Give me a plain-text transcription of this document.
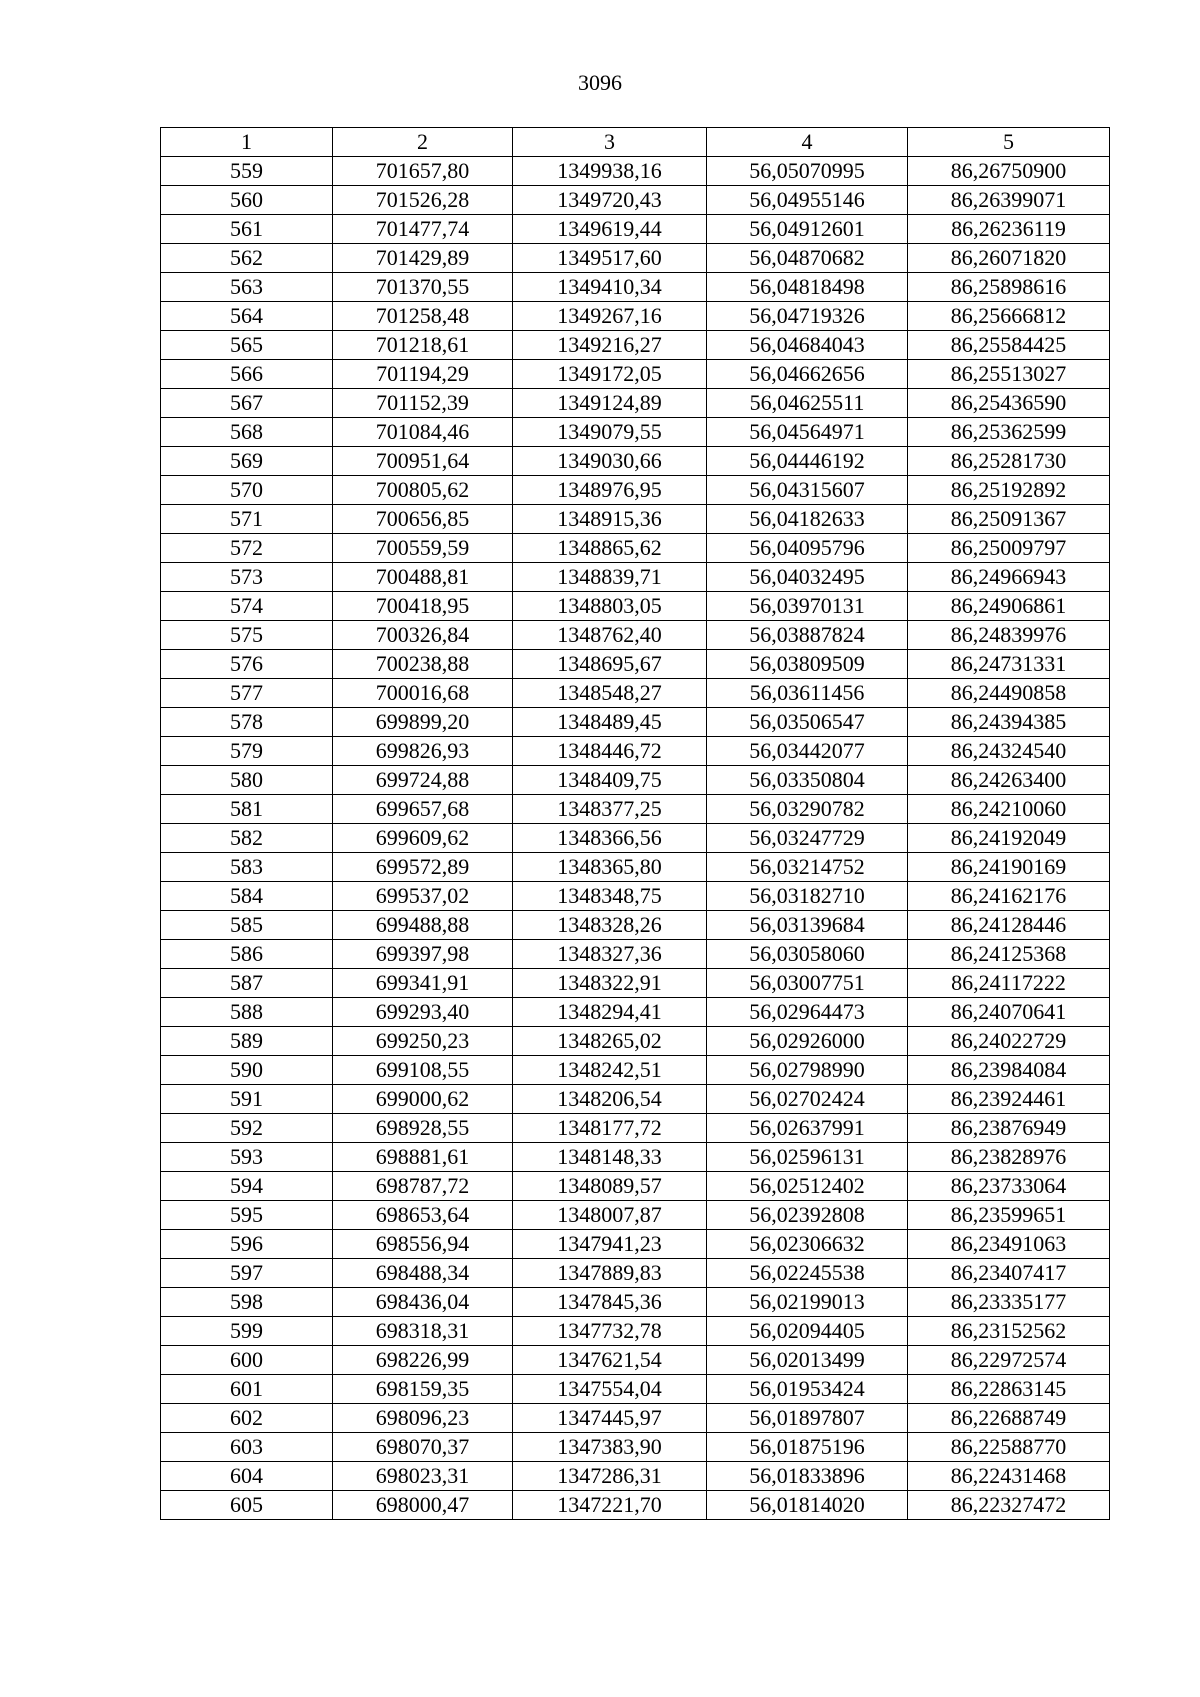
3096
1	2	3	4	5
559	701657,80	1349938,16	56,05070995	86,26750900
560	701526,28	1349720,43	56,04955146	86,26399071
561	701477,74	1349619,44	56,04912601	86,26236119
562	701429,89	1349517,60	56,04870682	86,26071820
563	701370,55	1349410,34	56,04818498	86,25898616
564	701258,48	1349267,16	56,04719326	86,25666812
565	701218,61	1349216,27	56,04684043	86,25584425
566	701194,29	1349172,05	56,04662656	86,25513027
567	701152,39	1349124,89	56,04625511	86,25436590
568	701084,46	1349079,55	56,04564971	86,25362599
569	700951,64	1349030,66	56,04446192	86,25281730
570	700805,62	1348976,95	56,04315607	86,25192892
571	700656,85	1348915,36	56,04182633	86,25091367
572	700559,59	1348865,62	56,04095796	86,25009797
573	700488,81	1348839,71	56,04032495	86,24966943
574	700418,95	1348803,05	56,03970131	86,24906861
575	700326,84	1348762,40	56,03887824	86,24839976
576	700238,88	1348695,67	56,03809509	86,24731331
577	700016,68	1348548,27	56,03611456	86,24490858
578	699899,20	1348489,45	56,03506547	86,24394385
579	699826,93	1348446,72	56,03442077	86,24324540
580	699724,88	1348409,75	56,03350804	86,24263400
581	699657,68	1348377,25	56,03290782	86,24210060
582	699609,62	1348366,56	56,03247729	86,24192049
583	699572,89	1348365,80	56,03214752	86,24190169
584	699537,02	1348348,75	56,03182710	86,24162176
585	699488,88	1348328,26	56,03139684	86,24128446
586	699397,98	1348327,36	56,03058060	86,24125368
587	699341,91	1348322,91	56,03007751	86,24117222
588	699293,40	1348294,41	56,02964473	86,24070641
589	699250,23	1348265,02	56,02926000	86,24022729
590	699108,55	1348242,51	56,02798990	86,23984084
591	699000,62	1348206,54	56,02702424	86,23924461
592	698928,55	1348177,72	56,02637991	86,23876949
593	698881,61	1348148,33	56,02596131	86,23828976
594	698787,72	1348089,57	56,02512402	86,23733064
595	698653,64	1348007,87	56,02392808	86,23599651
596	698556,94	1347941,23	56,02306632	86,23491063
597	698488,34	1347889,83	56,02245538	86,23407417
598	698436,04	1347845,36	56,02199013	86,23335177
599	698318,31	1347732,78	56,02094405	86,23152562
600	698226,99	1347621,54	56,02013499	86,22972574
601	698159,35	1347554,04	56,01953424	86,22863145
602	698096,23	1347445,97	56,01897807	86,22688749
603	698070,37	1347383,90	56,01875196	86,22588770
604	698023,31	1347286,31	56,01833896	86,22431468
605	698000,47	1347221,70	56,01814020	86,22327472
